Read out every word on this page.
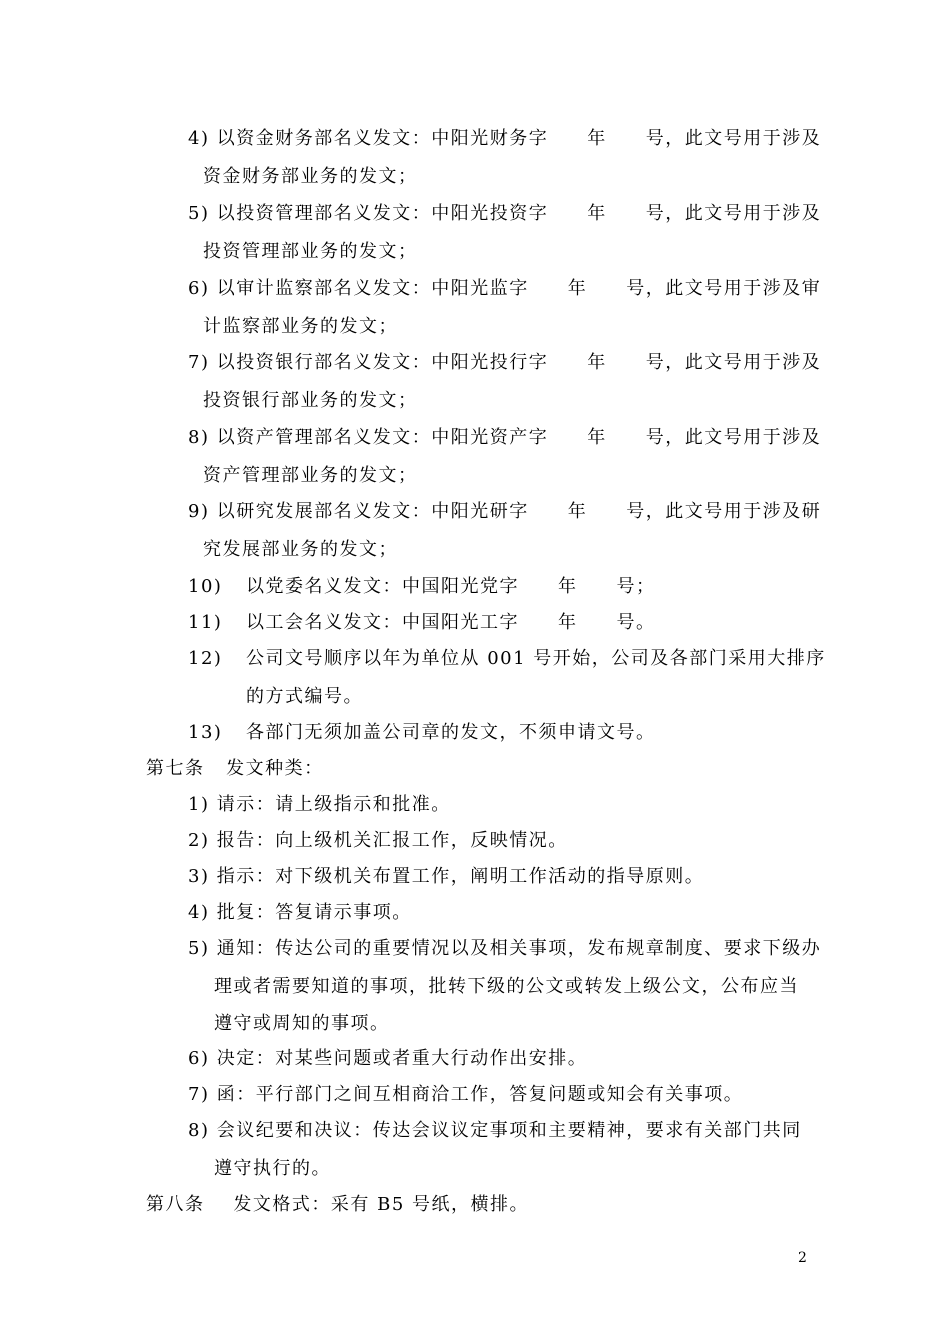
4) 以资金财务部名义发文：中阳光财务字　　年　　号，此文号用于涉及
资金财务部业务的发文；
5) 以投资管理部名义发文：中阳光投资字　　年　　号，此文号用于涉及
投资管理部业务的发文；
6) 以审计监察部名义发文：中阳光监字　　年　　号，此文号用于涉及审
计监察部业务的发文；
7) 以投资银行部名义发文：中阳光投行字　　年　　号，此文号用于涉及
投资银行部业务的发文；
8) 以资产管理部名义发文：中阳光资产字　　年　　号，此文号用于涉及
资产管理部业务的发文；
9) 以研究发展部名义发文：中阳光研字　　年　　号，此文号用于涉及研
究发展部业务的发文；
10) 以党委名义发文：中国阳光党字　　年　　号；
11) 以工会名义发文：中国阳光工字　　年　　号。
12) 公司文号顺序以年为单位从 001 号开始，公司及各部门采用大排序
的方式编号。
13) 各部门无须加盖公司章的发文，不须申请文号。
第七条 发文种类：
1) 请示：请上级指示和批准。
2) 报告：向上级机关汇报工作，反映情况。
3) 指示：对下级机关布置工作，阐明工作活动的指导原则。
4) 批复：答复请示事项。
5) 通知：传达公司的重要情况以及相关事项，发布规章制度、要求下级办
理或者需要知道的事项，批转下级的公文或转发上级公文，公布应当
遵守或周知的事项。
6) 决定：对某些问题或者重大行动作出安排。
7) 函：平行部门之间互相商洽工作，答复问题或知会有关事项。
8) 会议纪要和决议：传达会议议定事项和主要精神，要求有关部门共同
遵守执行的。
第八条 发文格式：采有 B5 号纸，横排。
2
